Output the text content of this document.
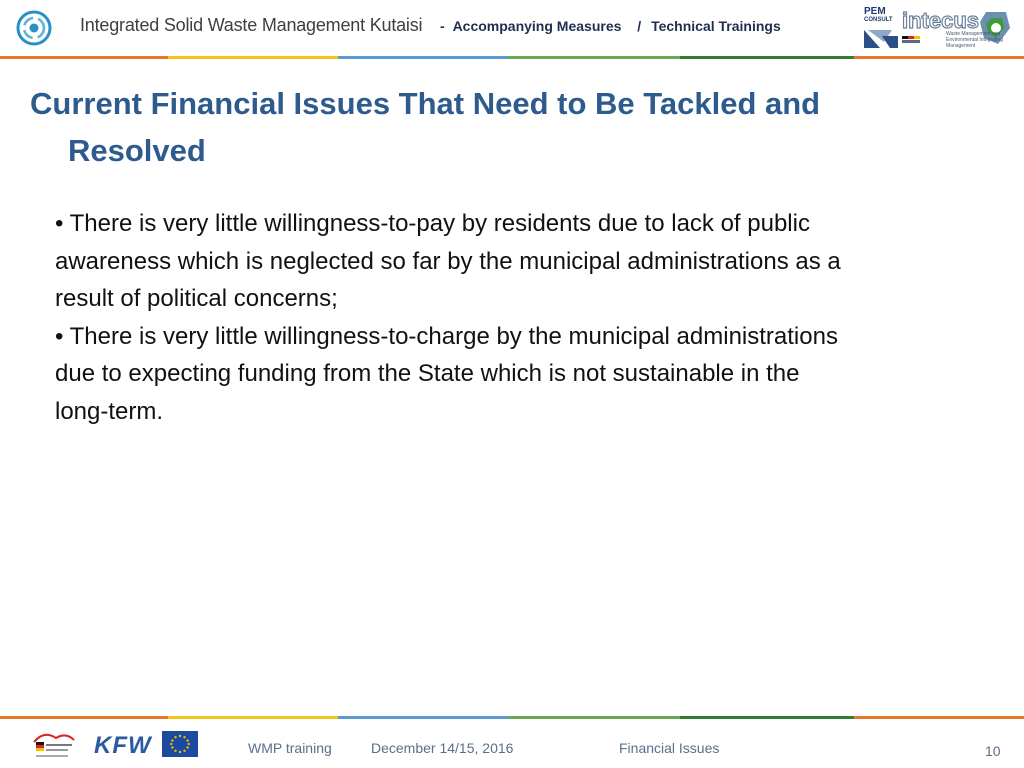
Integrated Solid Waste Management Kutaisi - Accompanying Measures / Technical Trainings
PEM
CONSULT intecus
Waste Management and Environmental Integrating Management
Current Financial Issues That Need to Be Tackled and
Resolved

• There is very little willingness-to-pay by residents due to lack of public awareness which is neglected so far by the municipal administrations as a result of political concerns;

• There is very little willingness-to-charge by the municipal administrations due to expecting funding from the State which is not sustainable in the long-term.

KFW	WMP training	December 14/15, 2016	Financial Issues	10
